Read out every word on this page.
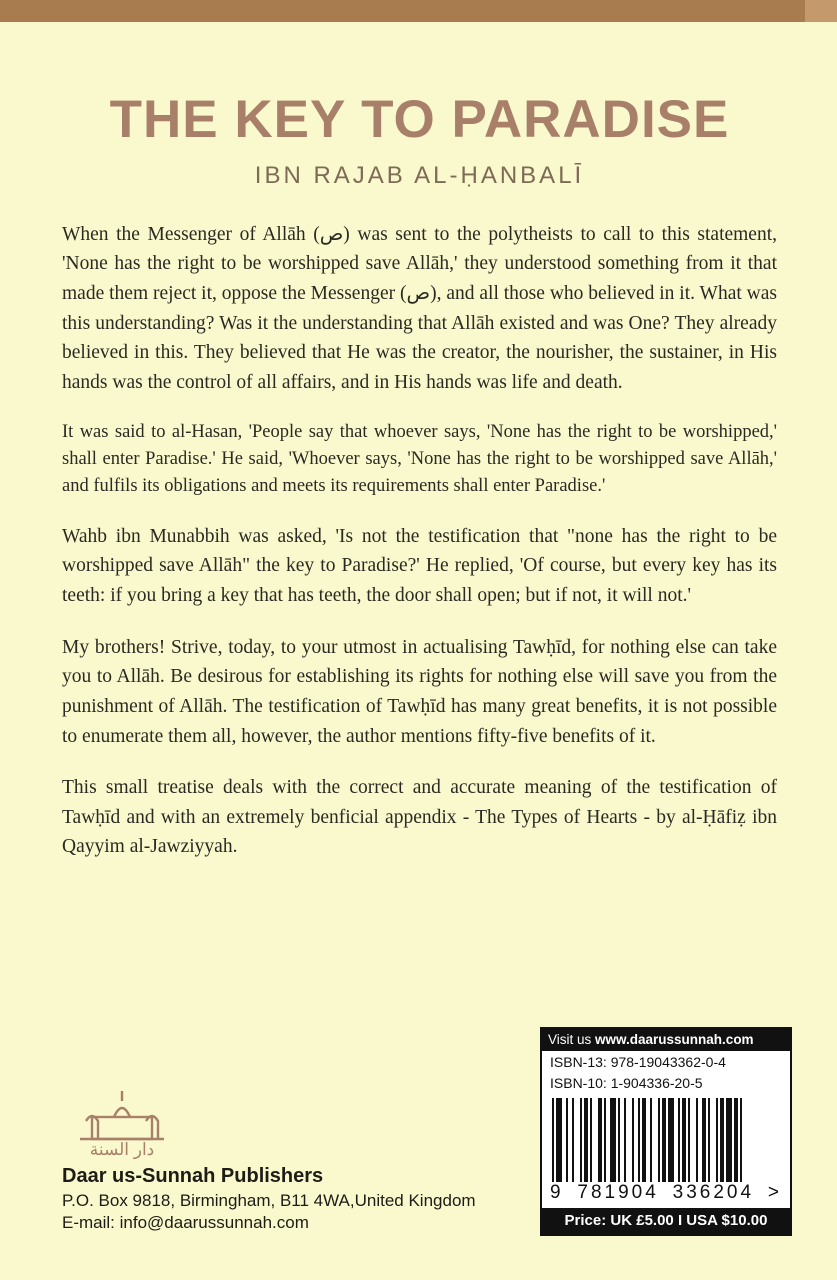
THE KEY TO PARADISE
IBN RAJAB AL-ḤANBALĪ

When the Messenger of Allāh (ص) was sent to the polytheists to call to this statement, 'None has the right to be worshipped save Allāh,' they understood something from it that made them reject it, oppose the Messenger (ص), and all those who believed in it. What was this understanding? Was it the understanding that Allāh existed and was One? They already believed in this. They believed that He was the creator, the nourisher, the sustainer, in His hands was the control of all affairs, and in His hands was life and death.

It was said to al-Hasan, 'People say that whoever says, 'None has the right to be worshipped,' shall enter Paradise.' He said, 'Whoever says, 'None has the right to be worshipped save Allāh,' and fulfils its obligations and meets its requirements shall enter Paradise.'

Wahb ibn Munabbih was asked, 'Is not the testification that "none has the right to be worshipped save Allāh" the key to Paradise?' He replied, 'Of course, but every key has its teeth: if you bring a key that has teeth, the door shall open; but if not, it will not.'

My brothers! Strive, today, to your utmost in actualising Tawḥīd, for nothing else can take you to Allāh. Be desirous for establishing its rights for nothing else will save you from the punishment of Allāh. The testification of Tawḥīd has many great benefits, it is not possible to enumerate them all, however, the author mentions fifty-five benefits of it.

This small treatise deals with the correct and accurate meaning of the testification of Tawḥīd and with an extremely benficial appendix - The Types of Hearts - by al-Ḥāfiẓ ibn Qayyim al-Jawziyyah.

دار السنة
Daar us-Sunnah Publishers
P.O. Box 9818, Birmingham, B11 4WA,United Kingdom
E-mail: info@daarussunnah.com
Visit us www.daarussunnah.com
ISBN-13: 978-19043362-0-4
ISBN-10: 1-904336-20-5
9 781904 336204 >
Price: UK £5.00 I USA $10.00
